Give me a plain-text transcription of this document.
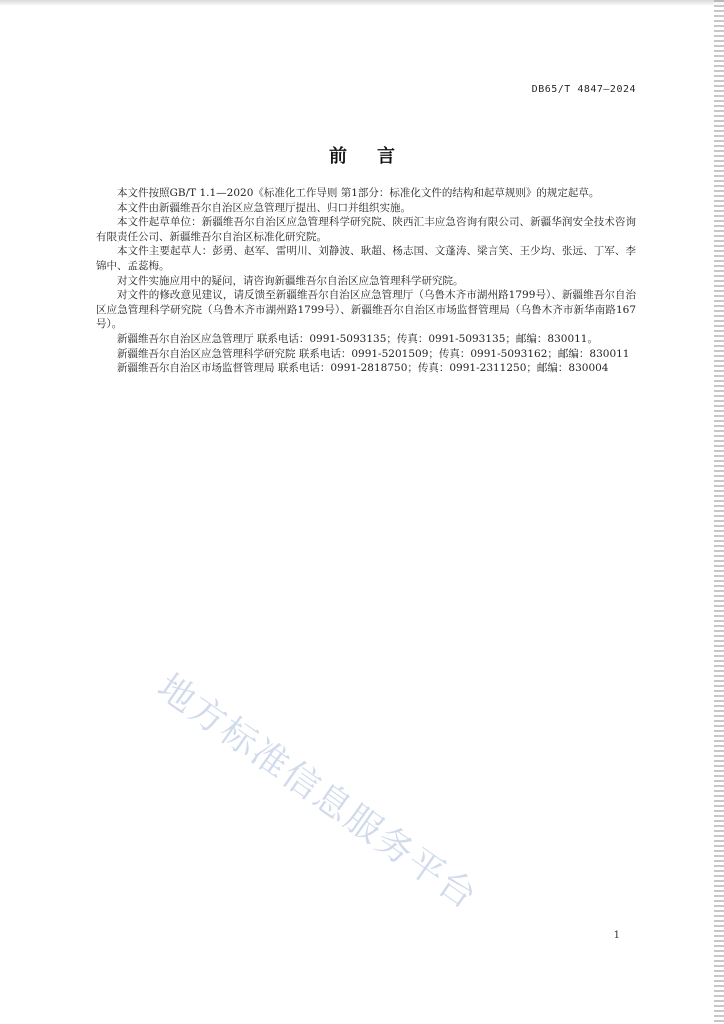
DB65/T 4847—2024
前言

本文件按照GB/T 1.1—2020《标准化工作导则 第1部分：标准化文件的结构和起草规则》的规定起草。

本文件由新疆维吾尔自治区应急管理厅提出、归口并组织实施。

本文件起草单位：新疆维吾尔自治区应急管理科学研究院、陕西汇丰应急咨询有限公司、新疆华润安全技术咨询有限责任公司、新疆维吾尔自治区标准化研究院。

本文件主要起草人：彭勇、赵军、雷明川、刘静波、耿超、杨志国、文蓬涛、梁言笑、王少均、张远、丁军、李锦中、孟蕊梅。

对文件实施应用中的疑问，请咨询新疆维吾尔自治区应急管理科学研究院。

对文件的修改意见建议，请反馈至新疆维吾尔自治区应急管理厅（乌鲁木齐市湖州路1799号）、新疆维吾尔自治区应急管理科学研究院（乌鲁木齐市湖州路1799号）、新疆维吾尔自治区市场监督管理局（乌鲁木齐市新华南路167号）。

新疆维吾尔自治区应急管理厅 联系电话：0991-5093135；传真：0991-5093135；邮编：830011。

新疆维吾尔自治区应急管理科学研究院 联系电话：0991-5201509；传真：0991-5093162；邮编：830011

新疆维吾尔自治区市场监督管理局 联系电话：0991-2818750；传真：0991-2311250；邮编：830004

地方标准信息服务平台
1
